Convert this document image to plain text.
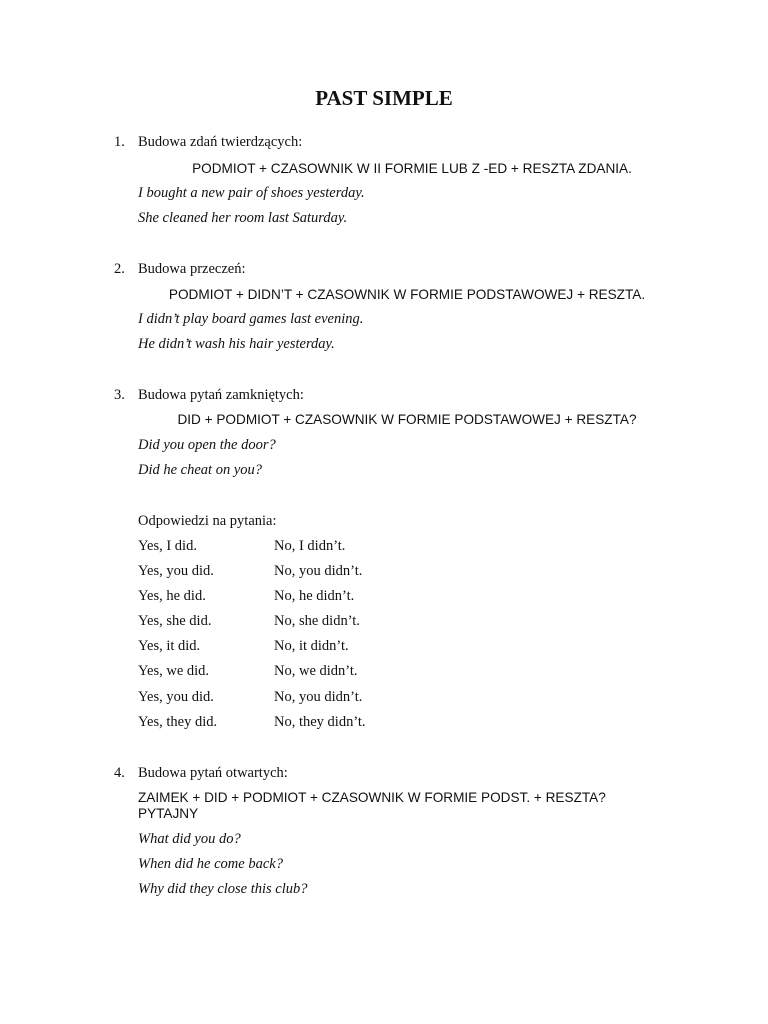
PAST SIMPLE
1. Budowa zdań twierdzących:
PODMIOT + CZASOWNIK W II FORMIE LUB Z -ED + RESZTA ZDANIA.
I bought a new pair of shoes yesterday.
She cleaned her room last Saturday.
2. Budowa przeczeń:
PODMIOT + DIDN’T + CZASOWNIK W FORMIE PODSTAWOWEJ + RESZTA.
I didn’t play board games last evening.
He didn’t wash his hair yesterday.
3. Budowa pytań zamkniętych:
DID + PODMIOT + CZASOWNIK W FORMIE PODSTAWOWEJ + RESZTA?
Did you open the door?
Did he cheat on you?
Odpowiedzi na pytania:
Yes, I did.	No, I didn’t.
Yes, you did.	No, you didn’t.
Yes, he did.	No, he didn’t.
Yes, she did.	No, she didn’t.
Yes, it did.	No, it didn’t.
Yes, we did.	No, we didn’t.
Yes, you did.	No, you didn’t.
Yes, they did.	No, they didn’t.
4. Budowa pytań otwartych:
ZAIMEK + DID + PODMIOT + CZASOWNIK W FORMIE PODST. + RESZTA?
PYTAJNY
What did you do?
When did he come back?
Why did they close this club?
